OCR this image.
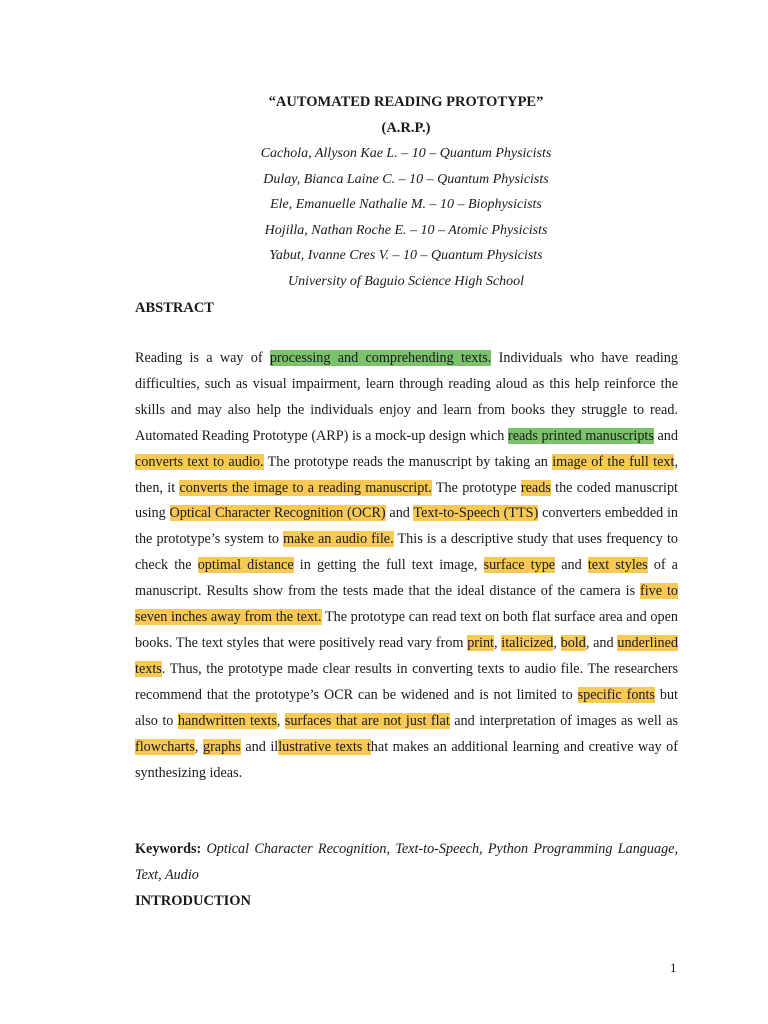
“AUTOMATED READING PROTOTYPE”
(A.R.P.)
Cachola, Allyson Kae L. – 10 – Quantum Physicists
Dulay, Bianca Laine C. – 10 – Quantum Physicists
Ele, Emanuelle Nathalie M. – 10 – Biophysicists
Hojilla, Nathan Roche E. – 10 – Atomic Physicists
Yabut, Ivanne Cres V. – 10 – Quantum Physicists
University of Baguio Science High School
ABSTRACT
Reading is a way of processing and comprehending texts. Individuals who have reading difficulties, such as visual impairment, learn through reading aloud as this help reinforce the skills and may also help the individuals enjoy and learn from books they struggle to read. Automated Reading Prototype (ARP) is a mock-up design which reads printed manuscripts and converts text to audio. The prototype reads the manuscript by taking an image of the full text, then, it converts the image to a reading manuscript. The prototype reads the coded manuscript using Optical Character Recognition (OCR) and Text-to-Speech (TTS) converters embedded in the prototype’s system to make an audio file. This is a descriptive study that uses frequency to check the optimal distance in getting the full text image, surface type and text styles of a manuscript. Results show from the tests made that the ideal distance of the camera is five to seven inches away from the text. The prototype can read text on both flat surface area and open books. The text styles that were positively read vary from print, italicized, bold, and underlined texts. Thus, the prototype made clear results in converting texts to audio file. The researchers recommend that the prototype’s OCR can be widened and is not limited to specific fonts but also to handwritten texts, surfaces that are not just flat and interpretation of images as well as flowcharts, graphs and illustrative texts that makes an additional learning and creative way of synthesizing ideas.
Keywords: Optical Character Recognition, Text-to-Speech, Python Programming Language, Text, Audio
INTRODUCTION
1
